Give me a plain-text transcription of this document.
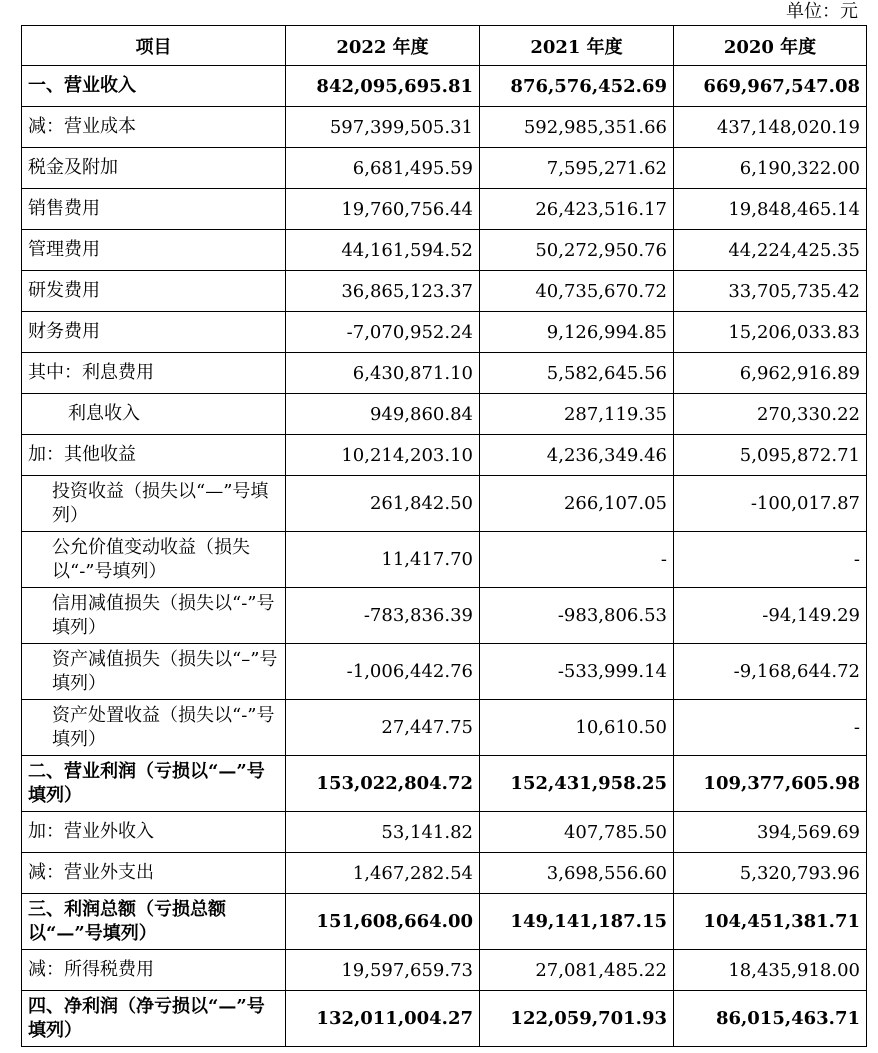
单位：元
项目	2022 年度	2021 年度	2020 年度
一、营业收入	842,095,695.81	876,576,452.69	669,967,547.08
减：营业成本	597,399,505.31	592,985,351.66	437,148,020.19
税金及附加	6,681,495.59	7,595,271.62	6,190,322.00
销售费用	19,760,756.44	26,423,516.17	19,848,465.14
管理费用	44,161,594.52	50,272,950.76	44,224,425.35
研发费用	36,865,123.37	40,735,670.72	33,705,735.42
财务费用	-7,070,952.24	9,126,994.85	15,206,033.83
其中：利息费用	6,430,871.10	5,582,645.56	6,962,916.89
利息收入	949,860.84	287,119.35	270,330.22
加：其他收益	10,214,203.10	4,236,349.46	5,095,872.71
投资收益（损失以“—”号填列）	261,842.50	266,107.05	-100,017.87
公允价值变动收益（损失以“-”号填列）	11,417.70	-	-
信用减值损失（损失以“-”号填列）	-783,836.39	-983,806.53	-94,149.29
资产减值损失（损失以“–”号填列）	-1,006,442.76	-533,999.14	-9,168,644.72
资产处置收益（损失以“-”号填列）	27,447.75	10,610.50	-
二、营业利润（亏损以“—”号填列）	153,022,804.72	152,431,958.25	109,377,605.98
加：营业外收入	53,141.82	407,785.50	394,569.69
减：营业外支出	1,467,282.54	3,698,556.60	5,320,793.96
三、利润总额（亏损总额以“—”号填列）	151,608,664.00	149,141,187.15	104,451,381.71
减：所得税费用	19,597,659.73	27,081,485.22	18,435,918.00
四、净利润（净亏损以“—”号填列）	132,011,004.27	122,059,701.93	86,015,463.71
